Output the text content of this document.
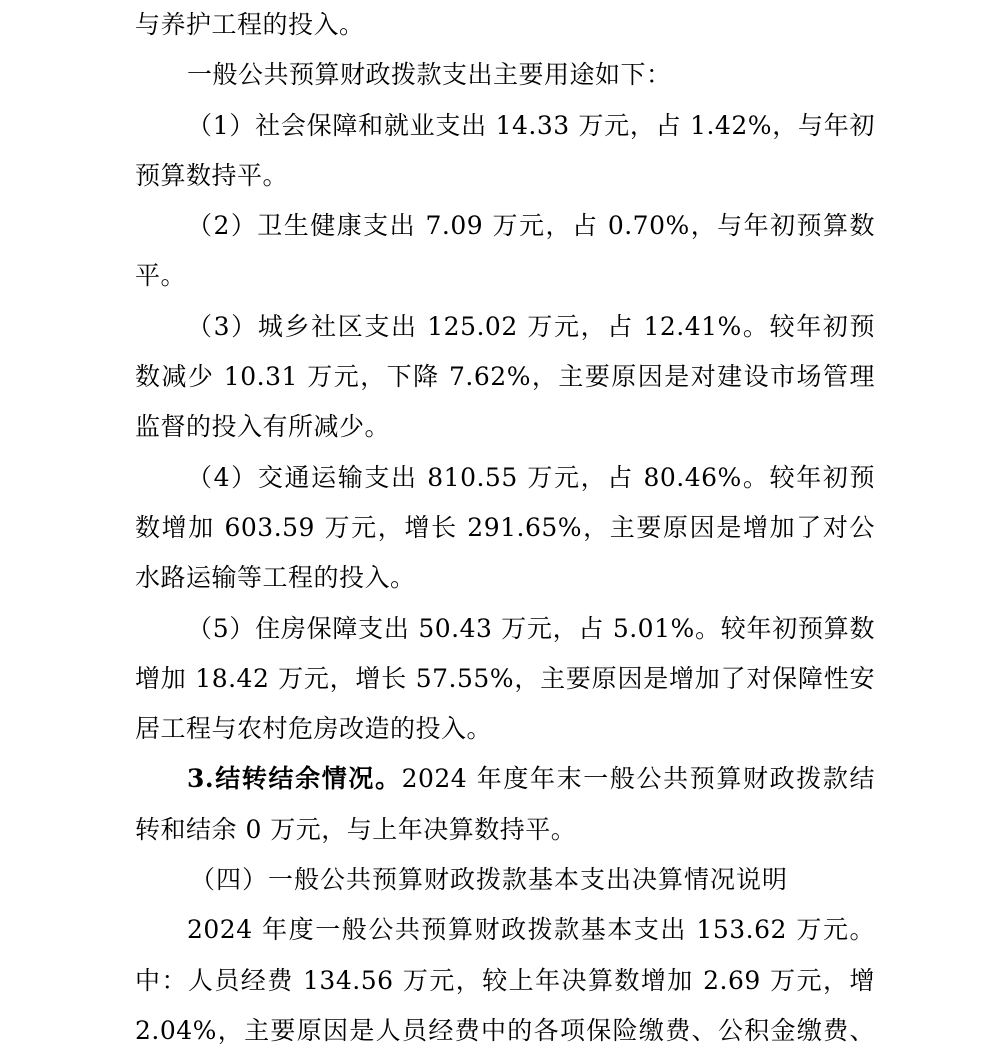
与养护工程的投入。
一般公共预算财政拨款支出主要用途如下：
（1）社会保障和就业支出 14.33 万元，占 1.42%，与年初
预算数持平。
（2）卫生健康支出 7.09 万元，占 0.70%，与年初预算数
平。
（3）城乡社区支出 125.02 万元，占 12.41%。较年初预
数减少 10.31 万元，下降 7.62%，主要原因是对建设市场管理
监督的投入有所减少。
（4）交通运输支出 810.55 万元，占 80.46%。较年初预
数增加 603.59 万元，增长 291.65%，主要原因是增加了对公
水路运输等工程的投入。
（5）住房保障支出 50.43 万元，占 5.01%。较年初预算数
增加 18.42 万元，增长 57.55%，主要原因是增加了对保障性安
居工程与农村危房改造的投入。
3.结转结余情况。2024 年度年末一般公共预算财政拨款结
转和结余 0 万元，与上年决算数持平。
（四）一般公共预算财政拨款基本支出决算情况说明
2024 年度一般公共预算财政拨款基本支出 153.62 万元。
中：人员经费 134.56 万元，较上年决算数增加 2.69 万元，增
2.04%，主要原因是人员经费中的各项保险缴费、公积金缴费、
